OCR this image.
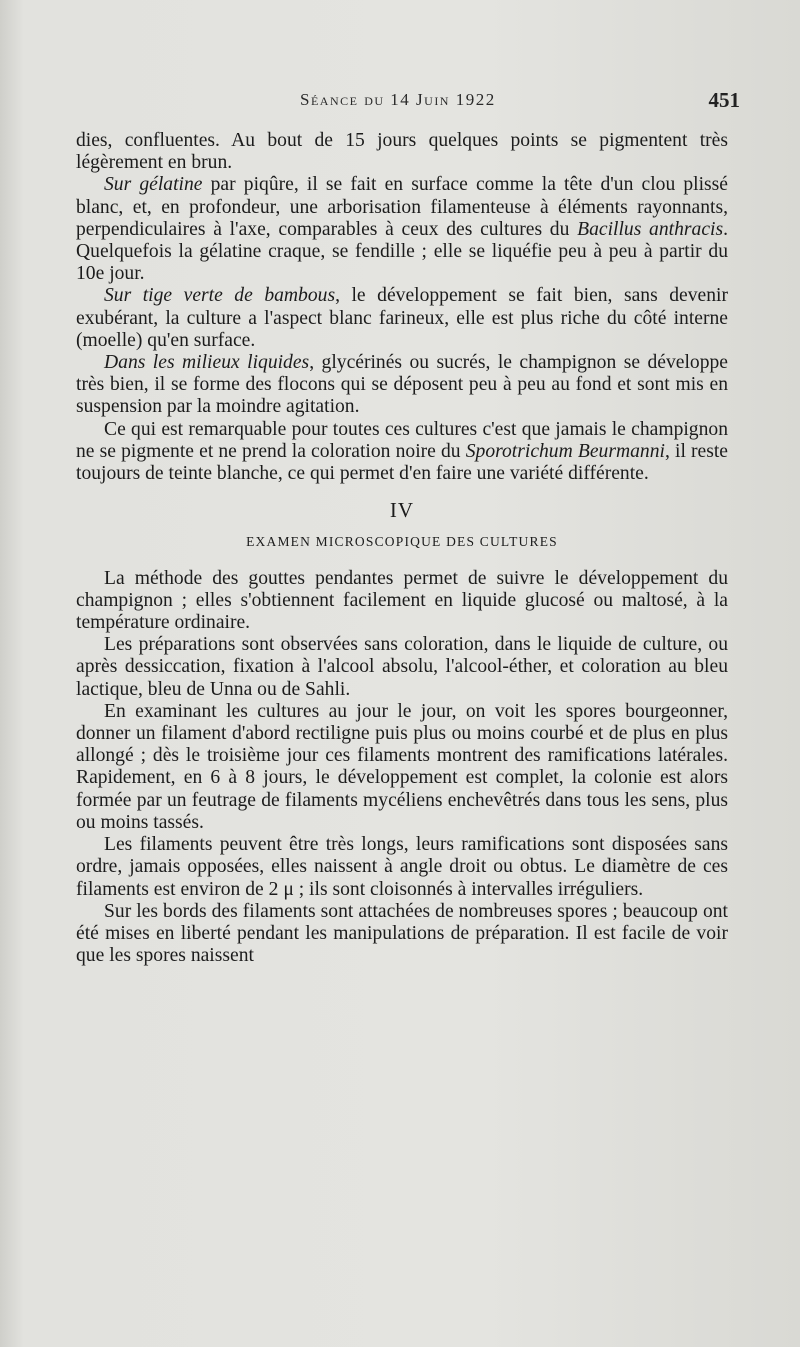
Séance du 14 Juin 1922	451

dies, confluentes. Au bout de 15 jours quelques points se pigmentent très légèrement en brun.

Sur gélatine par piqûre, il se fait en surface comme la tête d'un clou plissé blanc, et, en profondeur, une arborisation filamenteuse à éléments rayonnants, perpendiculaires à l'axe, comparables à ceux des cultures du Bacillus anthracis. Quelquefois la gélatine craque, se fendille ; elle se liquéfie peu à peu à partir du 10e jour.

Sur tige verte de bambous, le développement se fait bien, sans devenir exubérant, la culture a l'aspect blanc farineux, elle est plus riche du côté interne (moelle) qu'en surface.

Dans les milieux liquides, glycérinés ou sucrés, le champignon se développe très bien, il se forme des flocons qui se déposent peu à peu au fond et sont mis en suspension par la moindre agitation.

Ce qui est remarquable pour toutes ces cultures c'est que jamais le champignon ne se pigmente et ne prend la coloration noire du Sporotrichum Beurmanni, il reste toujours de teinte blanche, ce qui permet d'en faire une variété différente.

IV
EXAMEN MICROSCOPIQUE DES CULTURES

La méthode des gouttes pendantes permet de suivre le développement du champignon ; elles s'obtiennent facilement en liquide glucosé ou maltosé, à la température ordinaire.

Les préparations sont observées sans coloration, dans le liquide de culture, ou après dessiccation, fixation à l'alcool absolu, l'alcool-éther, et coloration au bleu lactique, bleu de Unna ou de Sahli.

En examinant les cultures au jour le jour, on voit les spores bourgeonner, donner un filament d'abord rectiligne puis plus ou moins courbé et de plus en plus allongé ; dès le troisième jour ces filaments montrent des ramifications latérales. Rapidement, en 6 à 8 jours, le développement est complet, la colonie est alors formée par un feutrage de filaments mycéliens enchevêtrés dans tous les sens, plus ou moins tassés.

Les filaments peuvent être très longs, leurs ramifications sont disposées sans ordre, jamais opposées, elles naissent à angle droit ou obtus. Le diamètre de ces filaments est environ de 2 μ ; ils sont cloisonnés à intervalles irréguliers.

Sur les bords des filaments sont attachées de nombreuses spores ; beaucoup ont été mises en liberté pendant les manipulations de préparation. Il est facile de voir que les spores naissent
